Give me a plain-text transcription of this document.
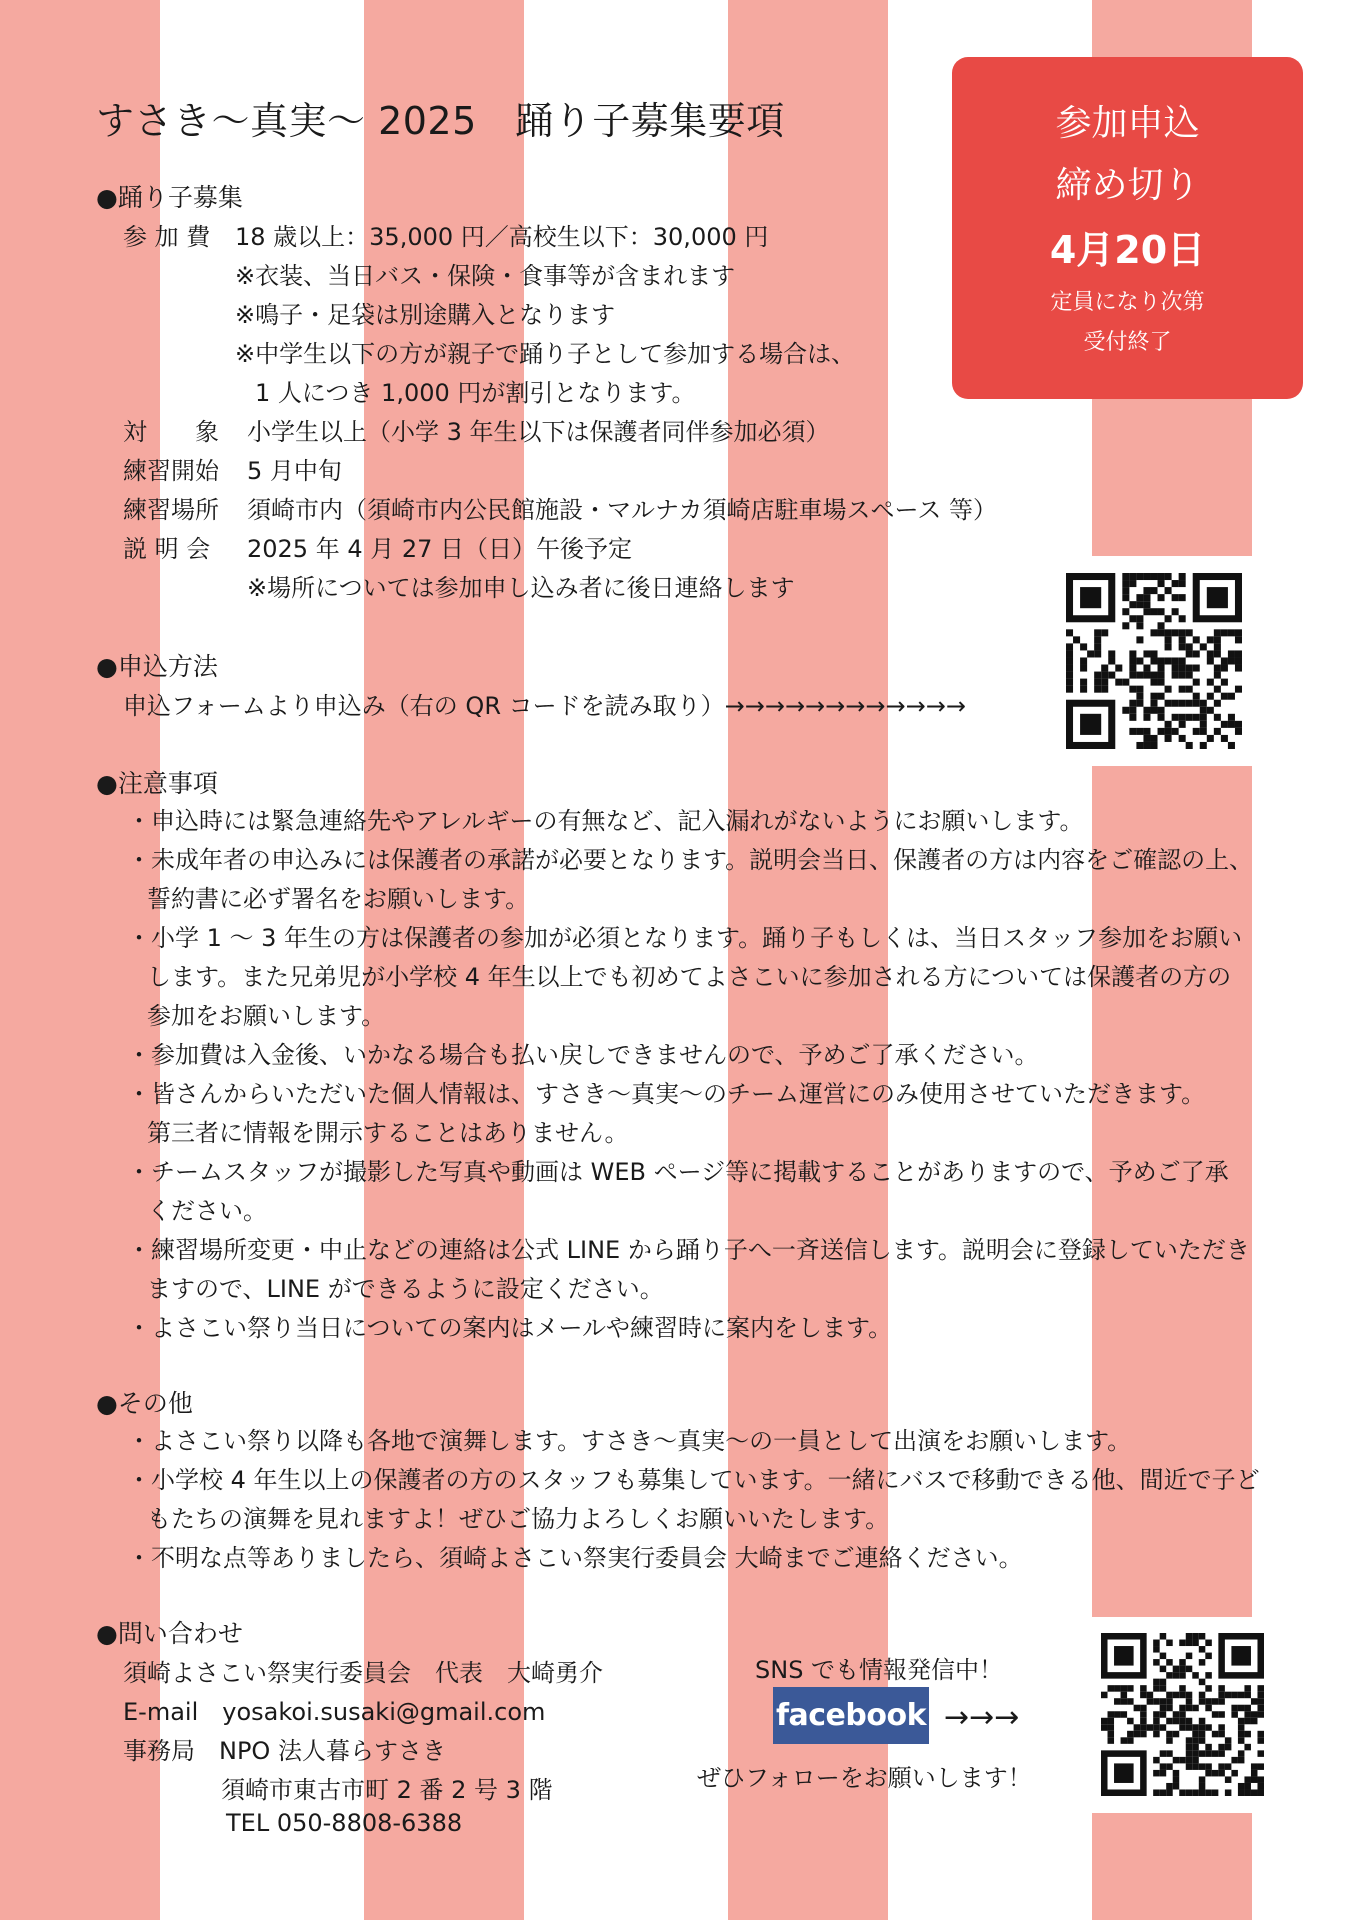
すさき〜真実〜 2025　踊り子募集要項	参加申込
締め切り
4月20日
定員になり次第
受付終了
●踊り子募集
参 加 費 18 歳以上：35,000 円／高校生以下：30,000 円
※衣装、当日バス・保険・食事等が含まれます
※鳴子・足袋は別途購入となります
※中学生以下の方が親子で踊り子として参加する場合は、
1 人につき 1,000 円が割引となります。
対　　象 小学生以上（小学 3 年生以下は保護者同伴参加必須）
練習開始 5 月中旬
練習場所 須崎市内（須崎市内公民館施設・マルナカ須崎店駐車場スペース 等）
説 明 会 2025 年 4 月 27 日（日）午後予定
※場所については参加申し込み者に後日連絡します
●申込方法
申込フォームより申込み（右の QR コードを読み取り）→→→→→→→→→→→→
●注意事項
・申込時には緊急連絡先やアレルギーの有無など、記入漏れがないようにお願いします。
・未成年者の申込みには保護者の承諾が必要となります。説明会当日、保護者の方は内容をご確認の上、
誓約書に必ず署名をお願いします。
・小学 1 〜 3 年生の方は保護者の参加が必須となります。踊り子もしくは、当日スタッフ参加をお願い
します。また兄弟児が小学校 4 年生以上でも初めてよさこいに参加される方については保護者の方の
参加をお願いします。
・参加費は入金後、いかなる場合も払い戻しできませんので、予めご了承ください。
・皆さんからいただいた個人情報は、すさき〜真実〜のチーム運営にのみ使用させていただきます。
第三者に情報を開示することはありません。
・チームスタッフが撮影した写真や動画は WEB ページ等に掲載することがありますので、予めご了承
ください。
・練習場所変更・中止などの連絡は公式 LINE から踊り子へ一斉送信します。説明会に登録していただき
ますので、LINE ができるように設定ください。
・よさこい祭り当日についての案内はメールや練習時に案内をします。
●その他
・よさこい祭り以降も各地で演舞します。すさき〜真実〜の一員として出演をお願いします。
・小学校 4 年生以上の保護者の方のスタッフも募集しています。一緒にバスで移動できる他、間近で子ど
もたちの演舞を見れますよ！ぜひご協力よろしくお願いいたします。
・不明な点等ありましたら、須崎よさこい祭実行委員会 大崎までご連絡ください。
●問い合わせ
須崎よさこい祭実行委員会　代表　大崎勇介
E-mail　yosakoi.susaki@gmail.com
事務局　NPO 法人暮らすさき
須崎市東古市町 2 番 2 号 3 階
TEL 050-8808-6388
SNS でも情報発信中！
facebook →→→
ぜひフォローをお願いします！
